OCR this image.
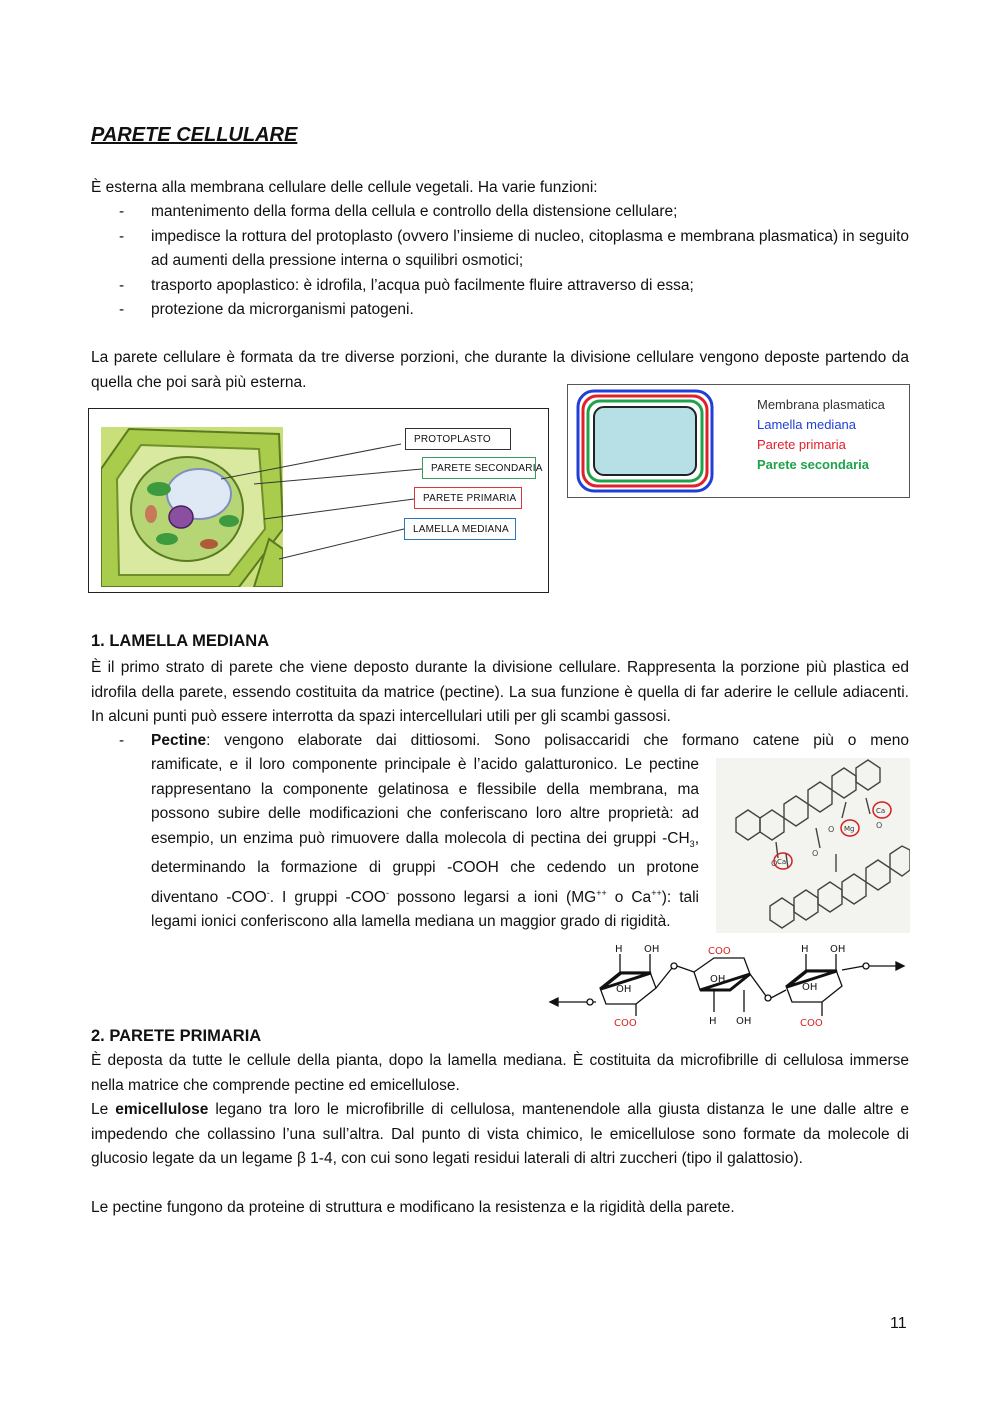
PARETE CELLULARE
È esterna alla membrana cellulare delle cellule vegetali. Ha varie funzioni:
- mantenimento della forma della cellula e controllo della distensione cellulare;
- impedisce la rottura del protoplasto (ovvero l’insieme di nucleo, citoplasma e membrana plasmatica) in seguito ad aumenti della pressione interna o squilibri osmotici;
- trasporto apoplastico: è idrofila, l’acqua può facilmente fluire attraverso di essa;
- protezione da microrganismi patogeni.
La parete cellulare è formata da tre diverse porzioni, che durante la divisione cellulare vengono deposte partendo da quella che poi sarà più esterna.
PROTOPLASTO
PARETE SECONDARIA
PARETE PRIMARIA
LAMELLA MEDIANA
Membrana plasmatica
Lamella mediana
Parete primaria
Parete secondaria
1. LAMELLA MEDIANA
È il primo strato di parete che viene deposto durante la divisione cellulare. Rappresenta la porzione più plastica ed idrofila della parete, essendo costituita da matrice (pectine). La sua funzione è quella di far aderire le cellule adiacenti. In alcuni punti può essere interrotta da spazi intercellulari utili per gli scambi gassosi.
- Pectine: vengono elaborate dai dittiosomi. Sono polisaccaridi che formano catene più o meno
ramificate, e il loro componente principale è l’acido galatturonico. Le pectine rappresentano la componente gelatinosa e flessibile della membrana, ma possono subire delle modificazioni che conferiscano loro altre proprietà: ad esempio, un enzima può rimuovere dalla molecola di pectina dei gruppi $-CH_3$, determinando la formazione di gruppi -COOH che cedendo un protone diventano -COO-. I gruppi -COO- possono legarsi a ioni (MG++ o Ca++): tali legami ionici conferiscono alla lamella mediana un maggior grado di rigidità.
O
O
O
O
Ca
Mg
Ca
H OH	H OH
H OH
OH	OH
OH
COO
COO	COO
2. PARETE PRIMARIA
È deposta da tutte le cellule della pianta, dopo la lamella mediana. È costituita da microfibrille di cellulosa immerse nella matrice che comprende pectine ed emicellulose.
Le emicellulose legano tra loro le microfibrille di cellulosa, mantenendole alla giusta distanza le une dalle altre e impedendo che collassino l’una sull’altra. Dal punto di vista chimico, le emicellulose sono formate da molecole di glucosio legate da un legame β 1-4, con cui sono legati residui laterali di altri zuccheri (tipo il galattosio).
Le pectine fungono da proteine di struttura e modificano la resistenza e la rigidità della parete.
11
